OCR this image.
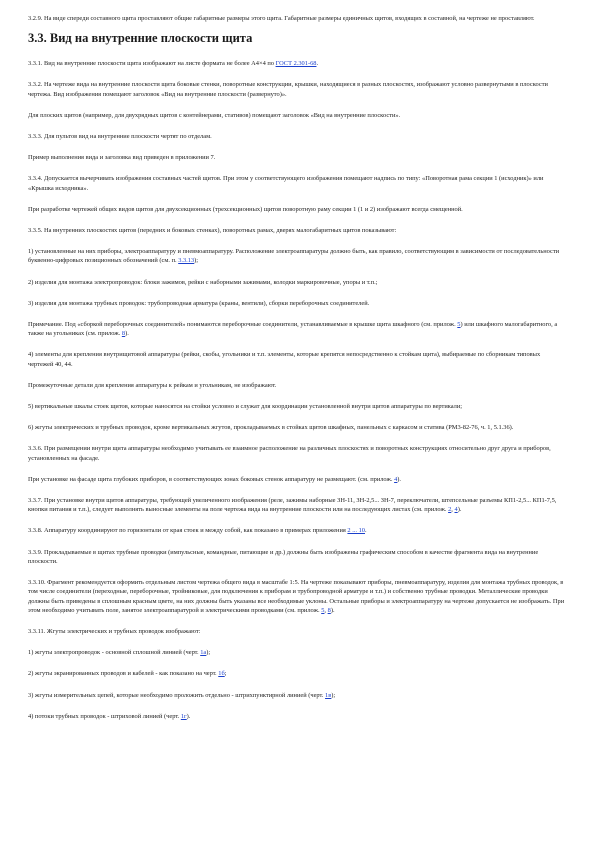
3.2.9. На виде спереди составного щита проставляют общие габаритные размеры этого щита. Габаритные размеры единичных щитов, входящих в составной, на чертеже не проставляют.

3.3. Вид на внутренние плоскости щита

3.3.1. Вид на внутренние плоскости щита изображают на листе формата не более А4×4 по ГОСТ 2.301-68.

3.3.2. На чертеже вида на внутренние плоскости щита боковые стенки, поворотные конструкции, крышки, находящиеся в разных плоскостях, изображают условно развернутыми в плоскости чертежа. Вид изображения помещают заголовок «Вид на внутренние плоскости (развернуто)».

Для плоских щитов (например, для двухрядных щитов с контейнерами, стативов) помещают заголовок «Вид на внутренние плоскости».

3.3.3. Для пультов вид на внутренние плоскости чертят по отделам.

Пример выполнения вида и заголовка вид приведен в приложении 7.

3.3.4. Допускается вычерчивать изображения составных частей щитов. При этом у соответствующего изображения помещают надпись по типу: «Поворотная рама секции 1 (исходник)» или «Крышка исходника».

При разработке чертежей общих видов щитов для двухсекционных (трехсекционных) щитов поворотную раму секции 1 (1 и 2) изображают всегда смещенной.

3.3.5. На внутренних плоскостях щитов (передних и боковых стенках), поворотных рамах, дверях малогабаритных щитов показывают:

1) установленные на них приборы, электроаппаратуру и пневмоаппаратуру. Расположение электроаппаратуры должно быть, как правило, соответствующим в зависимости от последовательности буквенно-цифровых позиционных обозначений (см. п. 3.3.13);

2) изделия для монтажа электропроводок: блоки зажимов, рейки с наборными зажимами, колодки маркировочные, упоры и т.п.;

3) изделия для монтажа трубных проводок: трубопроводная арматура (краны, вентили), сборки переборочных соединителей.

Примечание. Под «сборкой переборочных соединителей» понимаются переборочные соединители, устанавливаемые в крышке щита шкафного (см. прилож. 5) или шкафного малогабаритного, а также на угольниках (см. прилож. 8).

4) элементы для крепления внутрищитовой аппаратуры (рейки, скобы, угольники и т.п. элементы, которые крепятся непосредственно к стойкам щита), выбираемые по сборникам типовых чертежей 40, 44.

Промежуточные детали для крепления аппаратуры к рейкам и угольникам, не изображают.

5) вертикальные шкалы стоек щитов, которые наносятся на стойки условно и служат для координации установленной внутри щитов аппаратуры по вертикали;

6) жгуты электрических и трубных проводок, кроме вертикальных жгутов, прокладываемых в стойках щитов шкафных, панельных с каркасом и статива (РМ3-82-76, ч. 1, 5.1.36).

3.3.6. При размещении внутри щита аппаратуры необходимо учитывать ее взаимное расположение на различных плоскостях и поворотных конструкциях относительно друг друга и приборов, установленных на фасаде.

При установке на фасаде щита глубоких приборов, в соответствующих зонах боковых стенок аппаратуру не размещают. (см. прилож. 4).

3.3.7. При установке внутри щитов аппаратуры, требующей увеличенного изображения (реле, зажимы наборные ЗН-11, ЗН-2,5... ЗН-7, переключатели, штепсельные разъемы КП1-2,5... КП1-7,5, кнопки питания и т.п.), следует выполнять выносные элементы на поле чертежа вида на внутренние плоскости или на последующих листах (см. прилож. 2, 4).

3.3.8. Аппаратуру координируют по горизонтали от края стоек и между собой, как показано в примерах приложения 2 ... 10.

3.3.9. Прокладываемые в щитах трубные проводки (импульсные, командные, питающие и др.) должны быть изображены графическим способом в качестве фрагмента вида на внутренние плоскости.

3.3.10. Фрагмент рекомендуется оформить отдельным листом чертежа общего вида в масштабе 1:5. На чертеже показывают приборы, пневмоаппаратуру, изделия для монтажа трубных проводок, в том числе соединители (переходные, переборочные, тройниковые, для подключения к приборам и трубопроводной арматуре и т.п.) и собственно трубные проводки. Металлические проводки должны быть приведены в сплошным красным цвете, на них должны быть указаны все необходимые уклоны. Остальные приборы и электроаппаратуру на чертеже допускается не изображать. При этом необходимо учитывать поле, занятое электроаппаратурой и электрическими проводками (см. прилож. 5, 8).

3.3.11. Жгуты электрических и трубных проводок изображают:

1) жгуты электропроводок - основной сплошной линией (черт. 1а);

2) жгуты экранированных проводов и кабелей - как показано на черт. 1б;

3) жгуты измерительных цепей, которые необходимо проложить отдельно - штрихпунктирной линией (черт. 1в);

4) потоки трубных проводок - штриховой линией (черт. 1г).
